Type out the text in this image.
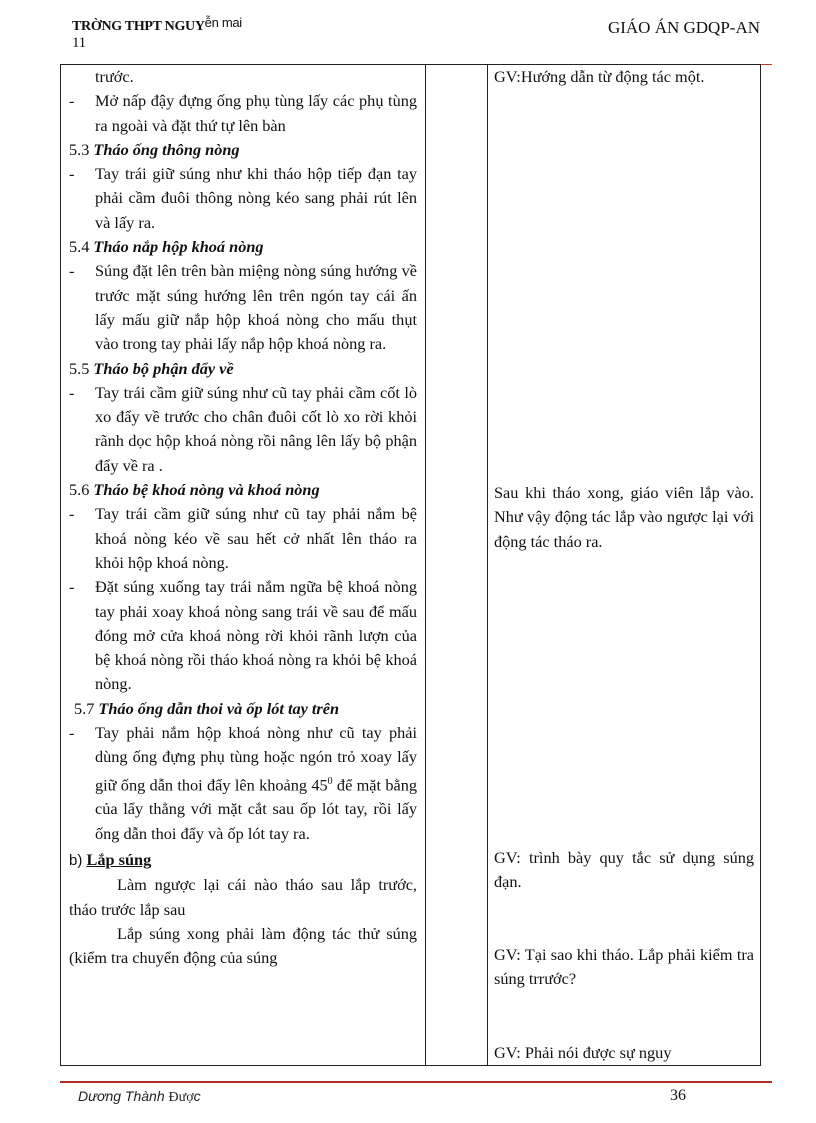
TRỜNG THPT NGUYễn mai
11
GIÁO ÁN GDQP-AN
trước.
- Mở nấp đậy đựng ống phụ tùng lấy các phụ tùng ra ngoài và đặt thứ tự lên bàn
5.3 Tháo ống thông nòng
- Tay trái giữ súng như khi tháo hộp tiếp đạn tay phải cầm đuôi thông nòng kéo sang phải rút lên và lấy ra.
5.4 Tháo nắp hộp khoá nòng
- Súng đặt lên trên bàn miệng nòng súng hướng về trước mặt súng hướng lên trên ngón tay cái ấn lấy mấu giữ nắp hộp khoá nòng cho mấu thụt vào trong tay phải lấy nắp hộp khoá nòng ra.
5.5 Tháo bộ phận đẩy về
- Tay trái cầm giữ súng như cũ tay phải cầm cốt lò xo đẩy về trước cho chân đuôi cốt lò xo rời khỏi rãnh dọc hộp khoá nòng rồi nâng lên lấy bộ phận đẩy về ra .
5.6 Tháo bệ khoá nòng và khoá nòng
- Tay trái cầm giữ súng như cũ tay phải nắm bệ khoá nòng kéo về sau hết cở nhất lên tháo ra khỏi hộp khoá nòng.
- Đặt súng xuống tay trái nắm ngữa bệ khoá nòng tay phải xoay khoá nòng sang trái về sau để mấu đóng mở cửa khoá nòng rời khỏi rãnh lượn của bệ khoá nòng rồi tháo khoá nòng ra khỏi bệ khoá nòng.
5.7 Tháo ống dẫn thoi và ốp lót tay trên
- Tay phải nắm hộp khoá nòng như cũ tay phải dùng ống đựng phụ tùng hoặc ngón trỏ xoay lấy giữ ống dẫn thoi đẩy lên khoảng $45^0$ để mặt bằng của lẩy thẳng với mặt cắt sau ốp lót tay, rồi lấy ống dẫn thoi đẩy và ốp lót tay ra.
b) Lắp súng
Làm ngược lại cái nào tháo sau lắp trước, tháo trước lắp sau
Lắp súng xong phải làm động tác thử súng (kiểm tra chuyển động của súng

GV:Hướng dẫn từ động tác một.
Sau khi tháo xong, giáo viên lắp vào. Như vậy động tác lắp vào ngược lại với động tác tháo ra.
GV: trình bày quy tắc sử dụng súng đạn.
GV: Tại sao khi tháo. Lắp phải kiểm tra súng trrước?
GV: Phải nói được sự nguy
Dương Thành Được	36
